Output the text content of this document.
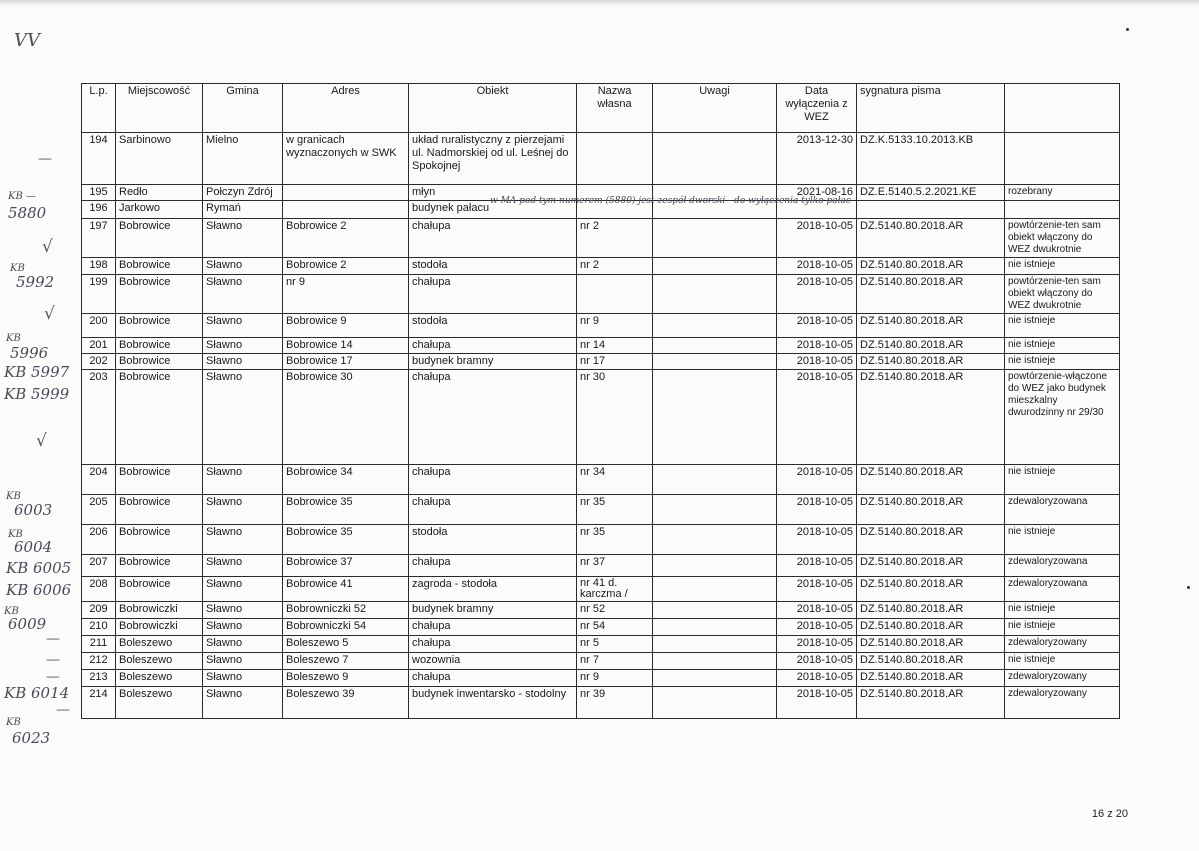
VV
—
KB —
5880
√
KB
5992
√
KB
5996
KB 5997
KB 5999
√
KB
6003
KB
6004
KB 6005
KB 6006
KB
6009
—
—
—
KB 6014
—
KB
6023
L.p.	Miejscowość	Gmina	Adres	Obiekt	Nazwa własna	Uwagi	Data wyłączenia z WEZ	sygnatura pisma	
194	Sarbinowo	Mielno	w granicach wyznaczonych w SWK	układ ruralistyczny z pierzejami ul. Nadmorskiej od ul. Leśnej do Spokojnej			2013-12-30	DZ.K.5133.10.2013.KB	
195	Redło	Połczyn Zdrój		młyn			2021-08-16	DZ.E.5140.5.2.2021.KE	rozebrany
196	Jarkowo	Rymań		budynek pałacu					
197	Bobrowice	Sławno	Bobrowice 2	chałupa	nr 2		2018-10-05	DZ.5140.80.2018.AR	powtórzenie-ten sam obiekt włączony do WEZ dwukrotnie
198	Bobrowice	Sławno	Bobrowice 2	stodoła	nr 2		2018-10-05	DZ.5140.80.2018.AR	nie istnieje
199	Bobrowice	Sławno	nr 9	chałupa			2018-10-05	DZ.5140.80.2018.AR	powtórzenie-ten sam obiekt włączony do WEZ dwukrotnie
200	Bobrowice	Sławno	Bobrowice 9	stodoła	nr 9		2018-10-05	DZ.5140.80.2018.AR	nie istnieje
201	Bobrowice	Sławno	Bobrowice 14	chałupa	nr 14		2018-10-05	DZ.5140.80.2018.AR	nie istnieje
202	Bobrowice	Sławno	Bobrowice 17	budynek bramny	nr 17		2018-10-05	DZ.5140.80.2018.AR	nie istnieje
203	Bobrowice	Sławno	Bobrowice 30	chałupa	nr 30		2018-10-05	DZ.5140.80.2018.AR	powtórzenie-włączone do WEZ jako budynek mieszkalny dwurodzinny nr 29/30
204	Bobrowice	Sławno	Bobrowice 34	chałupa	nr 34		2018-10-05	DZ.5140.80.2018.AR	nie istnieje
205	Bobrowice	Sławno	Bobrowice 35	chałupa	nr 35		2018-10-05	DZ.5140.80.2018.AR	zdewaloryzowana
206	Bobrowice	Sławno	Bobrowice 35	stodoła	nr 35		2018-10-05	DZ.5140.80.2018.AR	nie istnieje
207	Bobrowice	Sławno	Bobrowice 37	chałupa	nr 37		2018-10-05	DZ.5140.80.2018.AR	zdewaloryzowana
208	Bobrowice	Sławno	Bobrowice 41	zagroda - stodoła	nr 41 d. karczma /		2018-10-05	DZ.5140.80.2018.AR	zdewaloryzowana
209	Bobrowiczki	Sławno	Bobrowniczki 52	budynek bramny	nr 52		2018-10-05	DZ.5140.80.2018.AR	nie istnieje
210	Bobrowiczki	Sławno	Bobrowniczki 54	chałupa	nr 54		2018-10-05	DZ.5140.80.2018.AR	nie istnieje
211	Boleszewo	Sławno	Boleszewo 5	chałupa	nr 5		2018-10-05	DZ.5140.80.2018.AR	zdewaloryzowany
212	Boleszewo	Sławno	Boleszewo 7	wozownia	nr 7		2018-10-05	DZ.5140.80.2018.AR	nie istnieje
213	Boleszewo	Sławno	Boleszewo 9	chałupa	nr 9		2018-10-05	DZ.5140.80.2018.AR	zdewaloryzowany
214	Boleszewo	Sławno	Boleszewo 39	budynek inwentarsko - stodolny	nr 39		2018-10-05	DZ.5140.80.2018.AR	zdewaloryzowany
w MA pod tym numerem (5880) jest zespół dworski - do wyłączenia tylko pałac
16 z 20
